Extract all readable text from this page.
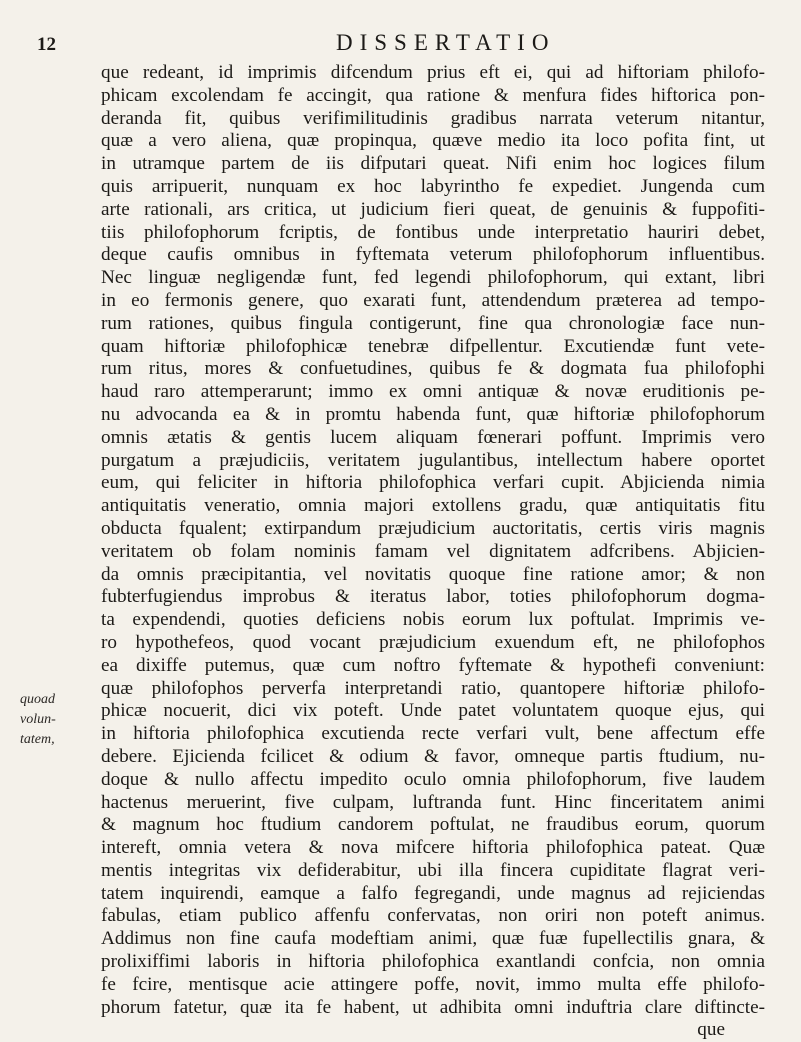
12	DISSERTATIO
quoad volun-
tatem,
que redeant, id imprimis difcendum prius eft ei, qui ad hiftoriam philofo-
phicam excolendam fe accingit, qua ratione & menfura fides hiftorica pon-
deranda fit, quibus verifimilitudinis gradibus narrata veterum nitantur,
quæ a vero aliena, quæ propinqua, quæve medio ita loco pofita fint, ut
in utramque partem de iis difputari queat. Nifi enim hoc logices filum
quis arripuerit, nunquam ex hoc labyrintho fe expediet. Jungenda cum
arte rationali, ars critica, ut judicium fieri queat, de genuinis & fuppofiti-
tiis philofophorum fcriptis, de fontibus unde interpretatio hauriri debet,
deque caufis omnibus in fyftemata veterum philofophorum influentibus.
Nec linguæ negligendæ funt, fed legendi philofophorum, qui extant, libri
in eo fermonis genere, quo exarati funt, attendendum præterea ad tempo-
rum rationes, quibus fingula contigerunt, fine qua chronologiæ face nun-
quam hiftoriæ philofophicæ tenebræ difpellentur. Excutiendæ funt vete-
rum ritus, mores & confuetudines, quibus fe & dogmata fua philofophi
haud raro attemperarunt; immo ex omni antiquæ & novæ eruditionis pe-
nu advocanda ea & in promtu habenda funt, quæ hiftoriæ philofophorum
omnis ætatis & gentis lucem aliquam fœnerari poffunt. Imprimis vero
purgatum a præjudiciis, veritatem jugulantibus, intellectum habere oportet
eum, qui feliciter in hiftoria philofophica verfari cupit. Abjicienda nimia
antiquitatis veneratio, omnia majori extollens gradu, quæ antiquitatis fitu
obducta fqualent; extirpandum præjudicium auctoritatis, certis viris magnis
veritatem ob folam nominis famam vel dignitatem adfcribens. Abjicien-
da omnis præcipitantia, vel novitatis quoque fine ratione amor; & non
fubterfugiendus improbus & iteratus labor, toties philofophorum dogma-
ta expendendi, quoties deficiens nobis eorum lux poftulat. Imprimis ve-
ro hypothefeos, quod vocant præjudicium exuendum eft, ne philofophos
ea dixiffe putemus, quæ cum noftro fyftemate & hypothefi conveniunt:
quæ philofophos perverfa interpretandi ratio, quantopere hiftoriæ philofo-
phicæ nocuerit, dici vix poteft. Unde patet voluntatem quoque ejus, qui
in hiftoria philofophica excutienda recte verfari vult, bene affectum effe
debere. Ejicienda fcilicet & odium & favor, omneque partis ftudium, nu-
doque & nullo affectu impedito oculo omnia philofophorum, five laudem
hactenus meruerint, five culpam, luftranda funt. Hinc finceritatem animi
& magnum hoc ftudium candorem poftulat, ne fraudibus eorum, quorum
intereft, omnia vetera & nova mifcere hiftoria philofophica pateat. Quæ
mentis integritas vix defiderabitur, ubi illa fincera cupiditate flagrat veri-
tatem inquirendi, eamque a falfo fegregandi, unde magnus ad rejiciendas
fabulas, etiam publico affenfu confervatas, non oriri non poteft animus.
Addimus non fine caufa modeftiam animi, quæ fuæ fupellectilis gnara, &
prolixiffimi laboris in hiftoria philofophica exantlandi confcia, non omnia
fe fcire, mentisque acie attingere poffe, novit, immo multa effe philofo-
phorum fatetur, quæ ita fe habent, ut adhibita omni induftria clare diftincte-
que
